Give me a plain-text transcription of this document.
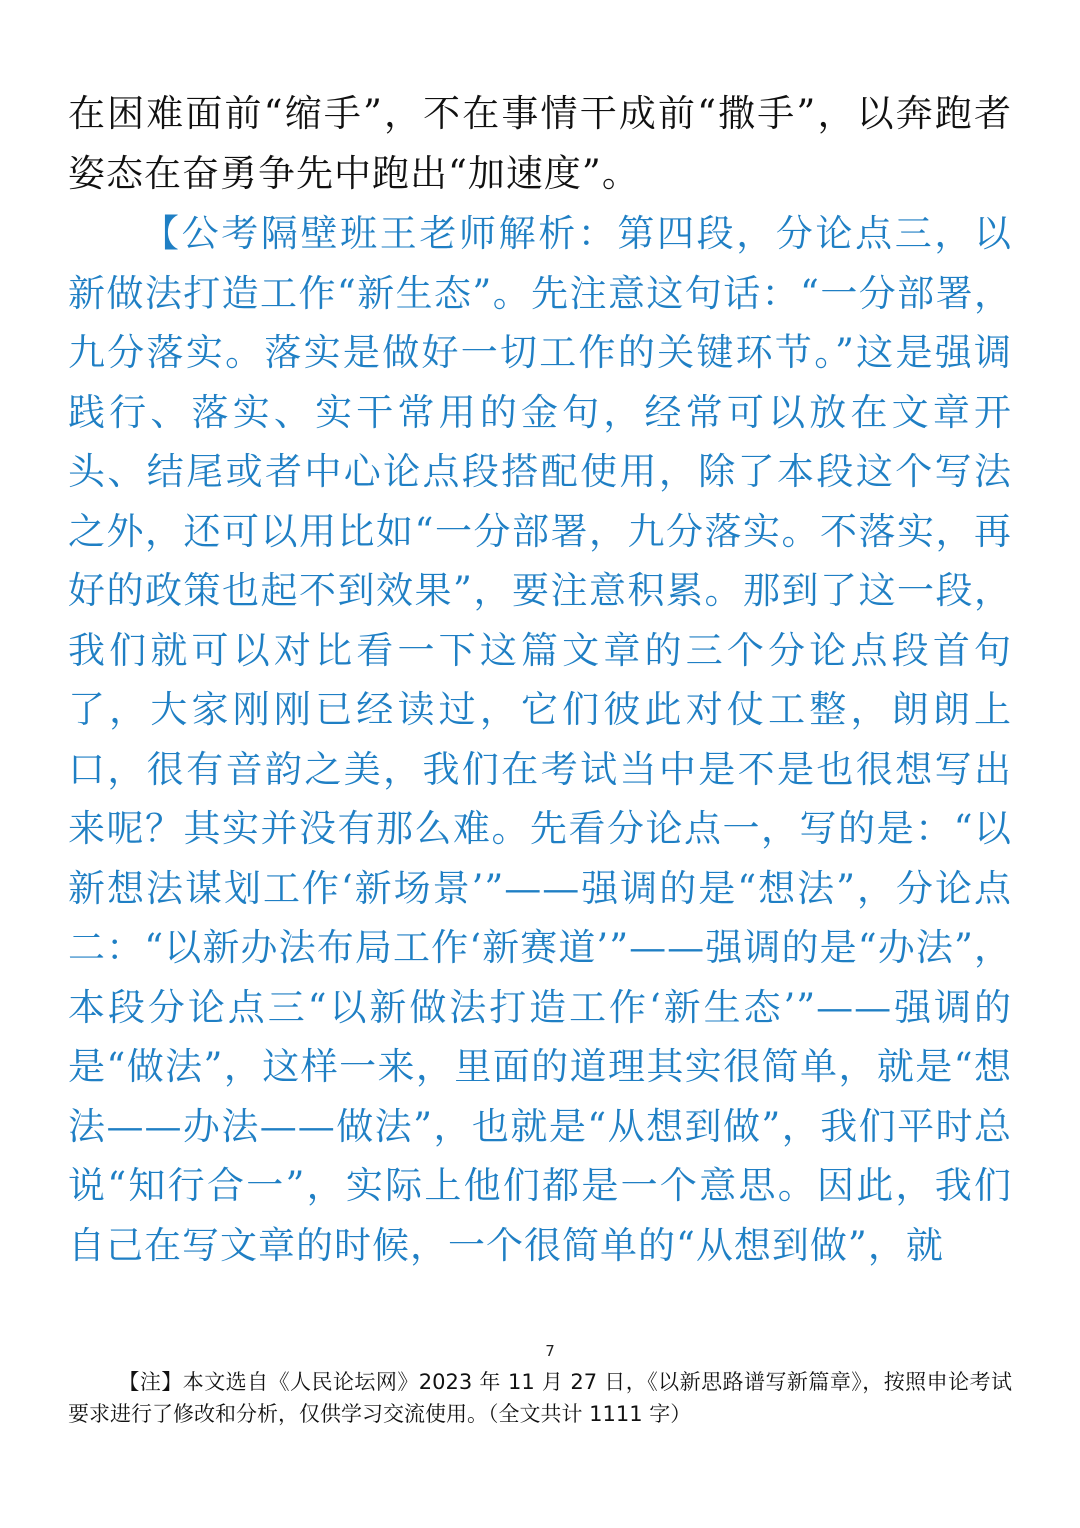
在困难面前“缩手”，不在事情干成前“撒手”，以奔跑者姿态在奋勇争先中跑出“加速度”。

【公考隔壁班王老师解析：第四段，分论点三，以新做法打造工作“新生态”。先注意这句话：“一分部署，九分落实。落实是做好一切工作的关键环节。”这是强调践行、落实、实干常用的金句，经常可以放在文章开头、结尾或者中心论点段搭配使用，除了本段这个写法之外，还可以用比如“一分部署，九分落实。不落实，再好的政策也起不到效果”，要注意积累。那到了这一段，我们就可以对比看一下这篇文章的三个分论点段首句了，大家刚刚已经读过，它们彼此对仗工整，朗朗上口，很有音韵之美，我们在考试当中是不是也很想写出来呢？其实并没有那么难。先看分论点一，写的是：“以新想法谋划工作‘新场景’”——强调的是“想法”，分论点二：“以新办法布局工作‘新赛道’”——强调的是“办法”，本段分论点三“以新做法打造工作‘新生态’”——强调的是“做法”，这样一来，里面的道理其实很简单，就是“想法——办法——做法”，也就是“从想到做”，我们平时总说“知行合一”，实际上他们都是一个意思。因此，我们自己在写文章的时候，一个很简单的“从想到做”，就

7

【注】本文选自《人民论坛网》2023 年 11 月 27 日，《以新思路谱写新篇章》，按照申论考试要求进行了修改和分析，仅供学习交流使用。（全文共计 1111 字）
